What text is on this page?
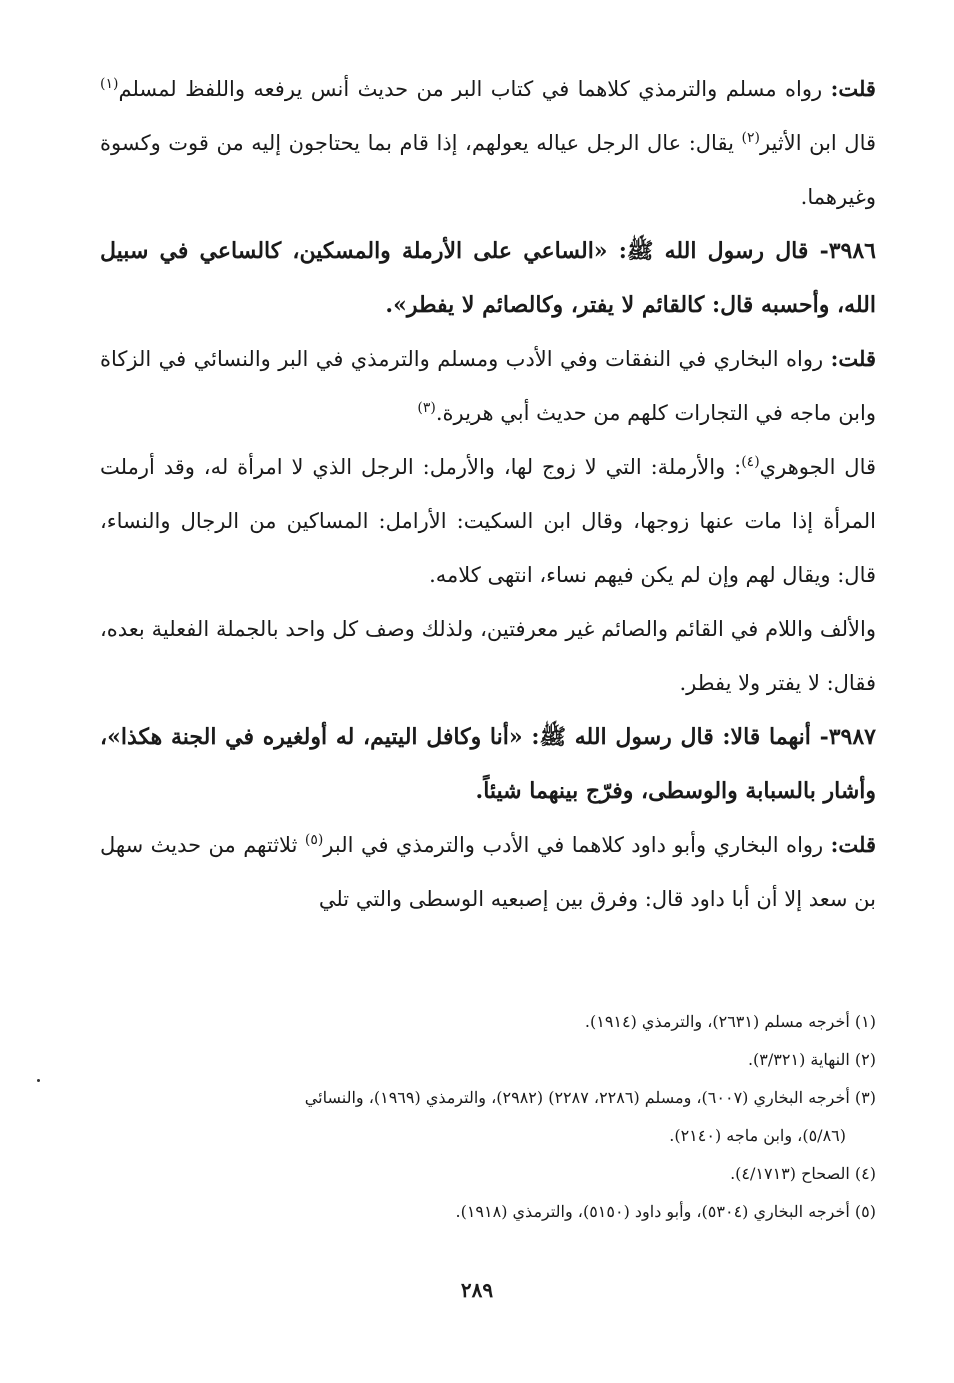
قلت: رواه مسلم والترمذي كلاهما في كتاب البر من حديث أنس يرفعه واللفظ لمسلم$^{(١)}$ قال ابن الأثير$^{(٢)}$ يقال: عال الرجل عياله يعولهم، إذا قام بما يحتاجون إليه من قوت وكسوة وغيرهما.

٣٩٨٦- قال رسول الله ﷺ: «الساعي على الأرملة والمسكين، كالساعي في سبيل الله، وأحسبه قال: كالقائم لا يفتر، وكالصائم لا يفطر».

قلت: رواه البخاري في النفقات وفي الأدب ومسلم والترمذي في البر والنسائي في الزكاة وابن ماجه في التجارات كلهم من حديث أبي هريرة.$^{(٣)}$

قال الجوهري$^{(٤)}$: والأرملة: التي لا زوج لها، والأرمل: الرجل الذي لا امرأة له، وقد أرملت المرأة إذا مات عنها زوجها، وقال ابن السكيت: الأرامل: المساكين من الرجال والنساء، قال: ويقال لهم وإن لم يكن فيهم نساء، انتهى كلامه.

والألف واللام في القائم والصائم غير معرفتين، ولذلك وصف كل واحد بالجملة الفعلية بعده، فقال: لا يفتر ولا يفطر.

٣٩٨٧- أنهما قالا: قال رسول الله ﷺ: «أنا وكافل اليتيم، له أولغيره في الجنة هكذا»، وأشار بالسبابة والوسطى، وفرّج بينهما شيئاً.

قلت: رواه البخاري وأبو داود كلاهما في الأدب والترمذي في البر$^{(٥)}$ ثلاثتهم من حديث سهل بن سعد إلا أن أبا داود قال: وفرق بين إصبعيه الوسطى والتي تلي

(١) أخرجه مسلم (٢٦٣١)، والترمذي (١٩١٤).

(٢) النهاية (٣/٣٢١).

(٣) أخرجه البخاري (٦٠٠٧)، ومسلم (٢٢٨٦، ٢٢٨٧) (٢٩٨٢)، والترمذي (١٩٦٩)، والنسائي

(٥/٨٦)، وابن ماجه (٢١٤٠).

(٤) الصحاح (٤/١٧١٣).

(٥) أخرجه البخاري (٥٣٠٤)، وأبو داود (٥١٥٠)، والترمذي (١٩١٨).

٢٨٩
